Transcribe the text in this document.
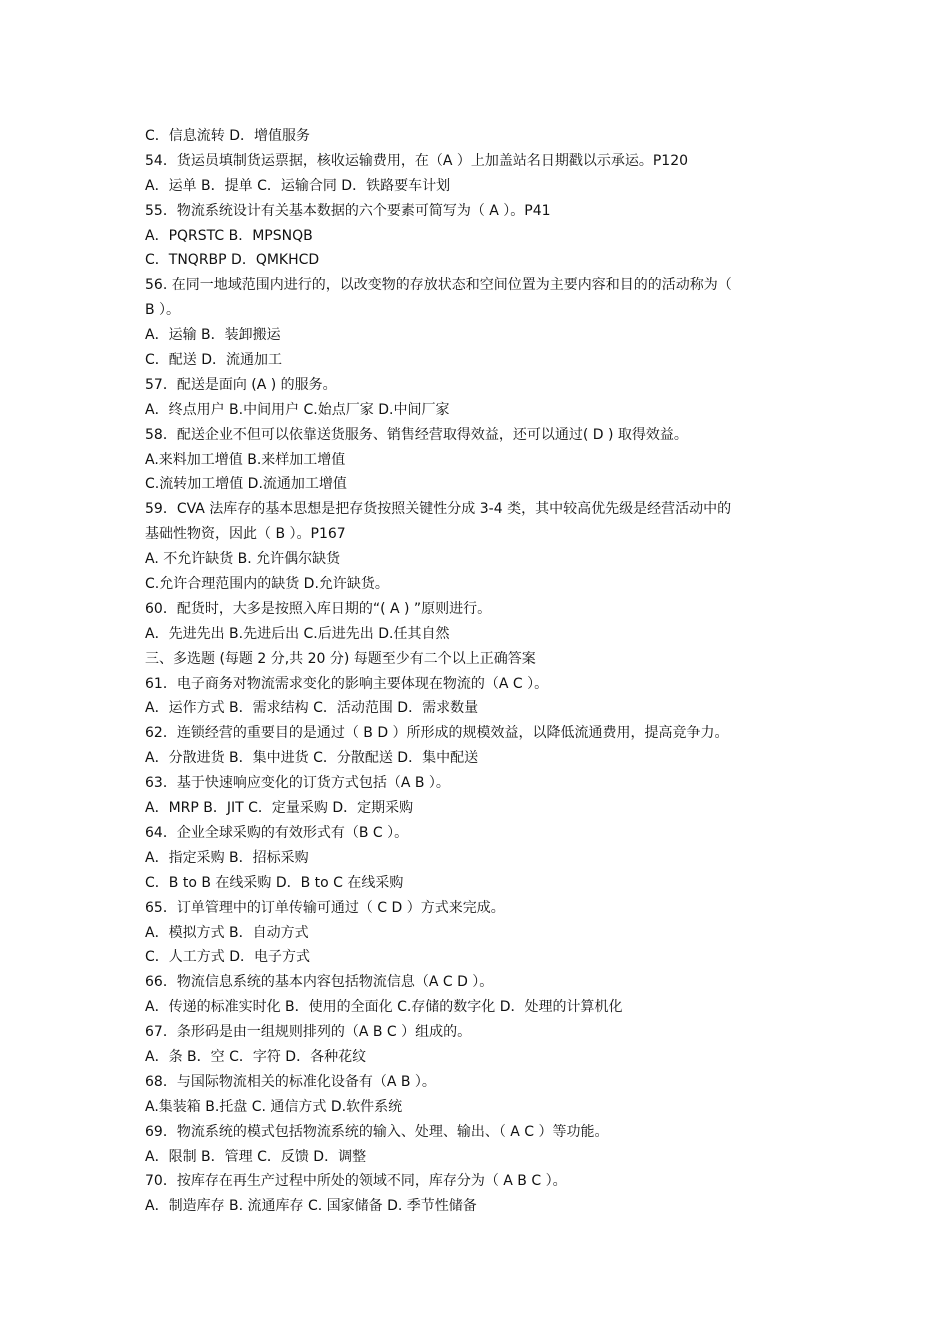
C．信息流转 D．增值服务
54．货运员填制货运票据，核收运输费用，在（A ）上加盖站名日期戳以示承运。P120
A．运单 B．提单 C．运输合同 D．铁路要车计划
55．物流系统设计有关基本数据的六个要素可简写为（ A ）。P41
A．PQRSTC B．MPSNQB
C．TNQRBP D．QMKHCD
56. 在同一地域范围内进行的，以改变物的存放状态和空间位置为主要内容和目的的活动称为（
B ）。
A．运输 B．装卸搬运
C．配送 D．流通加工
57．配送是面向 (A ) 的服务。
A．终点用户 B.中间用户 C.始点厂家 D.中间厂家
58．配送企业不但可以依靠送货服务、销售经营取得效益，还可以通过( D ) 取得效益。
A.来料加工增值 B.来样加工增值
C.流转加工增值 D.流通加工增值
59．CVA 法库存的基本思想是把存货按照关键性分成 3-4 类，其中较高优先级是经营活动中的
基础性物资，因此（ B ）。P167
A. 不允许缺货 B. 允许偶尔缺货
C.允许合理范围内的缺货 D.允许缺货。
60．配货时，大多是按照入库日期的“( A ) ”原则进行。
A．先进先出 B.先进后出 C.后进先出 D.任其自然
三、多选题 (每题 2 分,共 20 分) 每题至少有二个以上正确答案
61．电子商务对物流需求变化的影响主要体现在物流的（A C ）。
A．运作方式 B．需求结构 C．活动范围 D．需求数量
62．连锁经营的重要目的是通过（ B D ）所形成的规模效益，以降低流通费用，提高竞争力。
A．分散进货 B．集中进货 C．分散配送 D．集中配送
63．基于快速响应变化的订货方式包括（A B ）。
A．MRP B．JIT C．定量采购 D．定期采购
64．企业全球采购的有效形式有（B C ）。
A．指定采购 B．招标采购
C．B to B 在线采购 D．B to C 在线采购
65．订单管理中的订单传输可通过（ C D ）方式来完成。
A．模拟方式 B．自动方式
C．人工方式 D．电子方式
66．物流信息系统的基本内容包括物流信息（A C D ）。
A．传递的标准实时化 B．使用的全面化 C.存储的数字化 D．处理的计算机化
67．条形码是由一组规则排列的（A B C ）组成的。
A．条 B．空 C．字符 D．各种花纹
68．与国际物流相关的标准化设备有（A B ）。
A.集装箱 B.托盘 C. 通信方式 D.软件系统
69．物流系统的模式包括物流系统的输入、处理、输出、（ A C ）等功能。
A．限制 B．管理 C．反馈 D．调整
70．按库存在再生产过程中所处的领域不同，库存分为（ A B C ）。
A．制造库存 B. 流通库存 C. 国家储备 D. 季节性储备
